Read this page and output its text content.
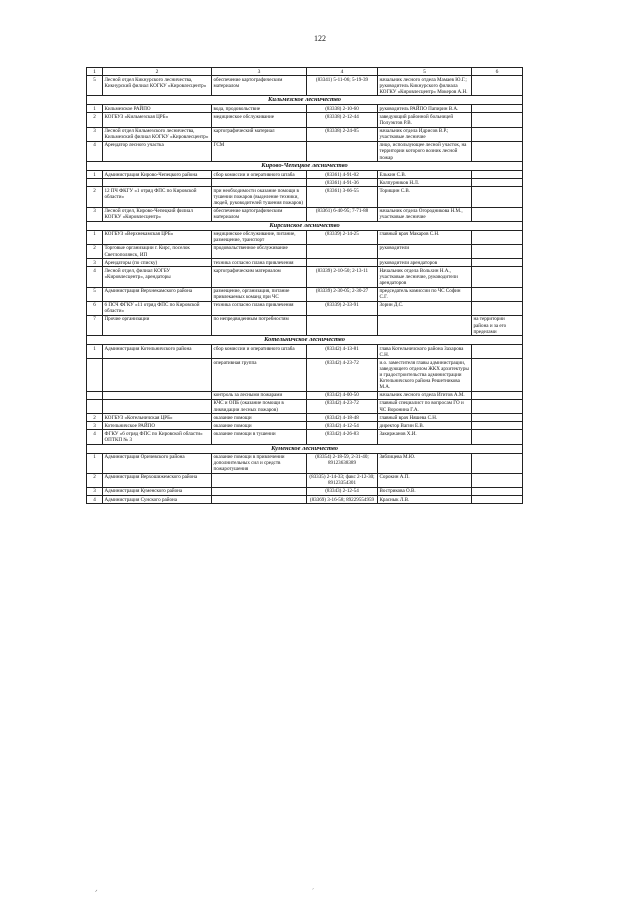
122
1	2	3	4	5	6
5	Лесной отдел Кикнурского лесничества, Кикнурский филиал КОГКУ «Кировлесцентр»	обеспечение картографическим материалом	(83341) 5-11-06; 5-19-39	начальник лесного отдела Мамаев Ю.Г.; руководитель Кикнурского филиала КОГКУ «Кировлесцентр» Мокеров А.Н.	
Кильмезское лесничество					
1	Кильмезское РАЙПО	вода, продовольствие	(83338) 2-10-60	руководитель РАЙПО Папирин В.А.	
2	КОГБУЗ «Кильмезская ЦРБ»	медицинское обслуживание	(83338) 2-12-44	заведующий районной больницей Полуэктов Р.В.	
3	Лесной отдел Кильмезского лесничества, Кильмезский филиал КОГКУ «Кировлесцентр»	картографический материал	(83338) 2-24-05	начальник отдела Идрисов В.Р.; участковые лесничие	
4	Арендатор лесного участка	ГСМ		лицо, использующее лесной участок, на территории которого возник лесной пожар	
Кирово-Чепецкое лесничество					
1	Администрация Кирово-Чепецкого района	сбор комиссии и оперативного штаба	(83361) 4-91-02	Елькин С.В.	
			(83361) 4-91-36	Колпурников Н.Л.	
2	12 ПЧ ФКГУ «1 отряд ФПС по Кировской области»	при необходимости оказание помощи в тушении пожаров (выделение техники, людей, руководителей тушения пожаров)	(83361) 3-66-55	Торищин С.В.	
3	Лесной отдел, Кирово-Чепецкий филиал КОГКУ «Кировлесцентр»	обеспечение картографическим материалом	(83361) 6-40-95; 7-71-88	начальник отдела Огородникова Н.М., участковые лесничие	
Кирсинское лесничество					
1	КОГБУЗ «Верхнекамская ЦРБ»	медицинское обслуживание, питание, размещение, транспорт	(83339) 2-14-25	главный врач Макаров С.Н.	
2	Торговые организации г. Кирс, поселок Светлополянск, ИП	продовольственное обслуживание		руководители	
3	Арендаторы (по списку)	техника согласно плана привлечения		руководители арендаторов	
4	Лесной отдел, филиал КОГБУ «Кировлесцентр», арендаторы	картографическим материалом	(83339) 2-10-50; 2-13-11	Начальник отдела Вольхин Н.А., участковые лесничие, руководители арендаторов	
5	Администрация Верхнекамского района	размещение, организация, питание привлекаемых команд при ЧС	(83339) 2-30-05; 2-30-27	председатель комиссии по ЧС Софин С.Г.	
6	6 ПСЧ ФГКУ «11 отряд ФПС по Кировской области»	техника согласно плана привлечения	(83339) 2-33-91	Зорин Д.С.	
7	Прочие организации	по непредвиденным потребностям			на территории района и за его пределами
Котельничское лесничество					
1	Администрация Котельничского района	сбор комиссии и оперативного штаба	(83342) 4-13-81	глава Котельничского района Захарова С.Н.	
		оперативная группа	(83342) 4-23-72	и.о. заместителя главы администрации, заведующего отделом ЖКХ архитектуры и градостроительства администрации Котельничского района Решетникова М.А.	
		контроль за лесными пожарами	(83342) 4-00-50	начальник лесного отдела Игитов А.М.	
		КЧС и ОПБ (оказание помощи в ликвидации лесных пожаров)	(83342) 4-23-72	главный специалист по вопросам ГО и ЧС Воронина Г.А.	
2	КОГБУЗ «Котельничская ЦРБ»	оказание помощи	(83342) 4-18-48	главный врач Няшева С.Н.	
3	Котельничское РАЙПО	оказание помощи	(83342) 4-12-54	директор Вагин Е.В.	
4	ФГКУ «6 отряд ФПС по Кировской области» ОПТКП № 3	оказание помощи в тушении	(83342) 4-26-83	Закиржанов Х.И.	
Куменское лесничество					
1	Администрация Оричевского района	оказание помощи в привлечении дополнительных сил и средств пожаротушения	(83354) 2-18-59, 2-31-40; 89123638389	Зяблицева М.Ю.	
2	Администрация Верхошижемского района		(83335) 2-14-33; факс 2-12-30; 89123354301	Сорокин А.П.	
3	Администрация Куменского района		(83343) 2-12-54	Вострикова О.В.	
4	Администрация Сунского района		(83369) 3-16-58; 89229554959	Краснык Л.В.	
ᐟ	ˊ
